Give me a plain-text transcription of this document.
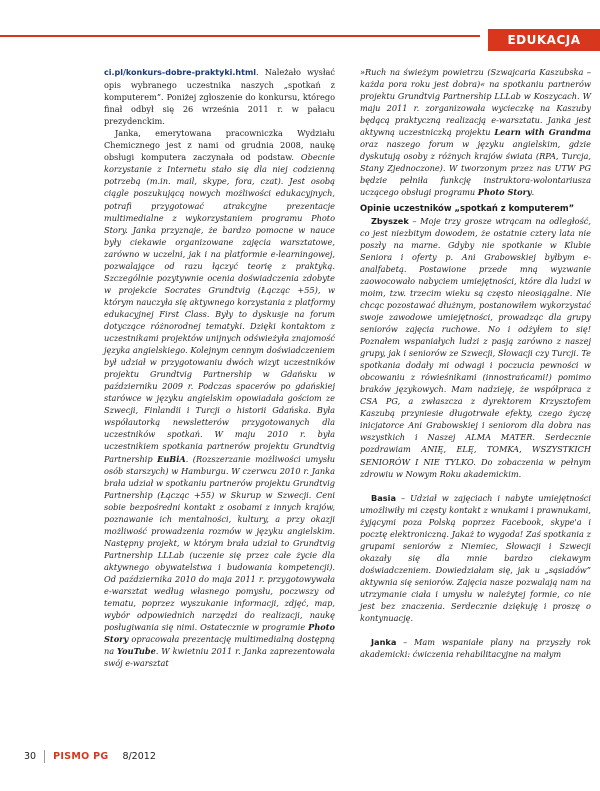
EDUKACJA

ci.pl/konkurs-dobre-praktyki.html. Należało wysłać opis wybranego uczestnika naszych „spotkań z komputerem”. Poniżej zgłoszenie do konkursu, którego finał odbył się 26 września 2011 r. w pałacu prezydenckim.

Janka, emerytowana pracowniczka Wydziału Chemicznego jest z nami od grudnia 2008, naukę obsługi komputera zaczynała od podstaw. Obecnie korzystanie z Internetu stało się dla niej codzienną potrzebą (m.in. mail, skype, fora, czat). Jest osobą ciągle poszukującą nowych możliwości edukacyjnych, potrafi przygotować atrakcyjne prezentacje multimedialne z wykorzystaniem programu Photo Story. Janka przyznaje, że bardzo pomocne w nauce były ciekawie organizowane zajęcia warsztatowe, zarówno w uczelni, jak i na platformie e-learningowej, pozwalające od razu łączyć teorię z praktyką. Szczególnie pozytywnie ocenia doświadczenia zdobyte w projekcie Socrates Grundtvig (Łącząc +55), w którym nauczyła się aktywnego korzystania z platformy edukacyjnej First Class. Były to dyskusje na forum dotyczące różnorodnej tematyki. Dzięki kontaktom z uczestnikami projektów unijnych odświeżyła znajomość języka angielskiego. Kolejnym cennym doświadczeniem był udział w przygotowaniu dwóch wizyt uczestników projektu Grundtvig Partnership w Gdańsku w październiku 2009 r. Podczas spacerów po gdańskiej starówce w języku angielskim opowiadała gościom ze Szwecji, Finlandii i Turcji o historii Gdańska. Była współautorką newsletterów przygotowanych dla uczestników spotkań. W maju 2010 r. była uczestnikiem spotkania partnerów projektu Grundtvig Partnership EuBiA. (Rozszerzanie możliwości umysłu osób starszych) w Hamburgu. W czerwcu 2010 r. Janka brała udział w spotkaniu partnerów projektu Grundtvig Partnership (Łącząc +55) w Skurup w Szwecji. Ceni sobie bezpośredni kontakt z osobami z innych krajów, poznawanie ich mentalności, kultury, a przy okazji możliwość prowadzenia rozmów w języku angielskim. Następny projekt, w którym brała udział to Grundtvig Partnership LLLab (uczenie się przez całe życie dla aktywnego obywatelstwa i budowania kompetencji). Od października 2010 do maja 2011 r. przygotowywała e-warsztat według własnego pomysłu, poczwszy od tematu, poprzez wyszukanie informacji, zdjęć, map, wybór odpowiednich narzędzi do realizacji, naukę posługiwania się nimi. Ostatecznie w programie Photo Story opracowała prezentację multimedialną dostępną na YouTube. W kwietniu 2011 r. Janka zaprezentowała swój e-warsztat

»Ruch na świeżym powietrzu (Szwajcaria Kaszubska – każda pora roku jest dobra)« na spotkaniu partnerów projektu Grundtvig Partnership LLLab w Koszycach. W maju 2011 r. zorganizowała wycieczkę na Kaszuby będącą praktyczną realizacją e-warsztatu. Janka jest aktywną uczestniczką projektu Learn with Grandma oraz naszego forum w języku angielskim, gdzie dyskutują osoby z różnych krajów świata (RPA, Turcja, Stany Zjednoczone). W tworzonym przez nas UTW PG będzie pełniła funkcję instruktora-wolontariusza uczącego obsługi programu Photo Story.

Opinie uczestników „spotkań z komputerem”

Zbyszek – Moje trzy grosze wtrącam na odległość, co jest niezbitym dowodem, że ostatnie cztery lata nie poszły na marne. Gdyby nie spotkanie w Klubie Seniora i oferty p. Ani Grabowskiej byłbym e-analfabetą. Postawione przede mną wyzwanie zaowocowało nabyciem umiejętności, które dla ludzi w moim, tzw. trzecim wieku są często nieosiągalne. Nie chcąc pozostawać dłużnym, postanowiłem wykorzystać swoje zawodowe umiejętności, prowadząc dla grupy seniorów zajęcia ruchowe. No i odżyłem to się! Poznałem wspaniałych ludzi z pasją zarówno z naszej grupy, jak i seniorów ze Szwecji, Słowacji czy Turcji. Te spotkania dodały mi odwagi i poczucia pewności w obcowaniu z rówieśnikami (innostrańcami!) pomimo braków językowych. Mam nadzieję, że współpraca z CSA PG, a zwłaszcza z dyrektorem Krzysztofem Kaszubą przyniesie długotrwałe efekty, czego życzę inicjatorce Ani Grabowskiej i seniorom dla dobra nas wszystkich i Naszej ALMA MATER. Serdecznie pozdrawiam ANIĘ, ELĘ, TOMKA, WSZYSTKICH SENIORÓW I NIE TYLKO. Do zobaczenia w pełnym zdrowiu w Nowym Roku akademickim.

Basia – Udział w zajęciach i nabyte umiejętności umożliwiły mi częsty kontakt z wnukami i prawnukami, żyjącymi poza Polską poprzez Facebook, skype'a i pocztę elektroniczną. Jakaż to wygoda! Zaś spotkania z grupami seniorów z Niemiec, Słowacji i Szwecji okazały się dla mnie bardzo ciekawym doświadczeniem. Dowiedziałam się, jak u „sąsiadów” aktywnia się seniorów. Zajęcia nasze pozwalają nam na utrzymanie ciała i umysłu w należytej formie, co nie jest bez znaczenia. Serdecznie dziękuję i proszę o kontynuację.

Janka – Mam wspaniałe plany na przyszły rok akademicki: ćwiczenia rehabilitacyjne na małym

30 PISMO PG 8/2012
